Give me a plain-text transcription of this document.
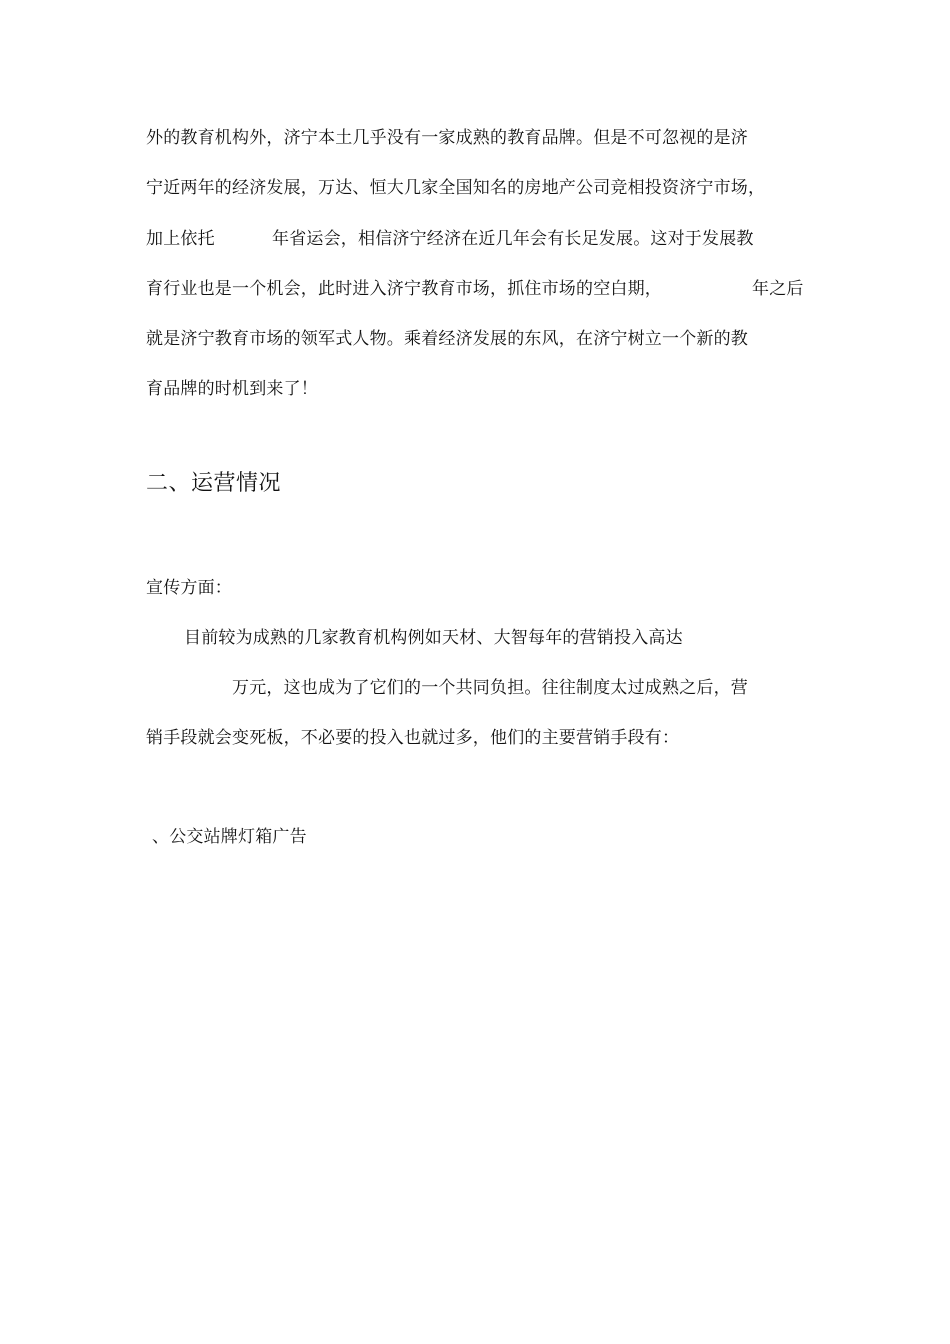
外的教育机构外，济宁本土几乎没有一家成熟的教育品牌。但是不可忽视的是济
宁近两年的经济发展，万达、恒大几家全国知名的房地产公司竞相投资济宁市场，
加上依托	年省运会，相信济宁经济在近几年会有长足发展。这对于发展教
育行业也是一个机会，此时进入济宁教育市场，抓住市场的空白期，	年之后
就是济宁教育市场的领军式人物。乘着经济发展的东风，在济宁树立一个新的教
育品牌的时机到来了！
二、运营情况
宣传方面：
目前较为成熟的几家教育机构例如天材、大智每年的营销投入高达
万元，这也成为了它们的一个共同负担。往往制度太过成熟之后，营
销手段就会变死板，不必要的投入也就过多，他们的主要营销手段有：
、公交站牌灯箱广告
